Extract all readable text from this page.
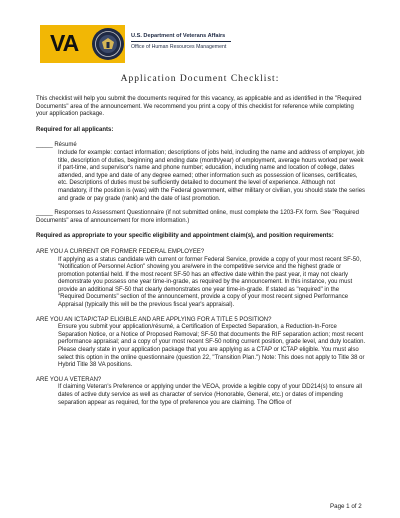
VA	U.S. Department of Veterans Affairs
Office of Human Resources Management
Application Document Checklist:

This checklist will help you submit the documents required for this vacancy, as applicable and as identified in the "Required Documents" area of the announcement. We recommend you print a copy of this checklist for reference while completing your application package.

Required for all applicants:

_____ Résumé

Include for example: contact information; descriptions of jobs held, including the name and address of employer, job title, description of duties, beginning and ending date (month/year) of employment, average hours worked per week if part-time, and supervisor's name and phone number; education, including name and location of college, dates attended, and type and date of any degree earned; other information such as possession of licenses, certificates, etc. Descriptions of duties must be sufficiently detailed to document the level of experience. Although not mandatory, if the position is (was) with the Federal government, either military or civilian, you should state the series and grade or pay grade (rank) and the date of last promotion.

_____ Responses to Assessment Questionnaire (if not submitted online, must complete the 1203-FX form. See "Required Documents" area of announcement for more information.)

Required as appropriate to your specific eligibility and appointment claim(s), and position requirements:

ARE YOU A CURRENT OR FORMER FEDERAL EMPLOYEE?

If applying as a status candidate with current or former Federal Service, provide a copy of your most recent SF-50, "Notification of Personnel Action" showing you are/were in the competitive service and the highest grade or promotion potential held. If the most recent SF-50 has an effective date within the past year, it may not clearly demonstrate you possess one year time-in-grade, as required by the announcement. In this instance, you must provide an additional SF-50 that clearly demonstrates one year time-in-grade. If stated as "required" in the "Required Documents" section of the announcement, provide a copy of your most recent signed Performance Appraisal (typically this will be the previous fiscal year's appraisal).

ARE YOU AN ICTAP/CTAP ELIGIBLE AND ARE APPLYING FOR A TITLE 5 POSITION?

Ensure you submit your application/résumé, a Certification of Expected Separation, a Reduction-In-Force Separation Notice, or a Notice of Proposed Removal; SF-50 that documents the RIF separation action; most recent performance appraisal; and a copy of your most recent SF-50 noting current position, grade level, and duty location. Please clearly state in your application package that you are applying as a CTAP or ICTAP eligible. You must also select this option in the online questionnaire (question 22, "Transition Plan.") Note: This does not apply to Title 38 or Hybrid Title 38 VA positions.

ARE YOU A VETERAN?

If claiming Veteran's Preference or applying under the VEOA, provide a legible copy of your DD214(s) to ensure all dates of active duty service as well as character of service (Honorable, General, etc.) or dates of impending separation appear as required, for the type of preference you are claiming. The Office of

Page 1 of 2
